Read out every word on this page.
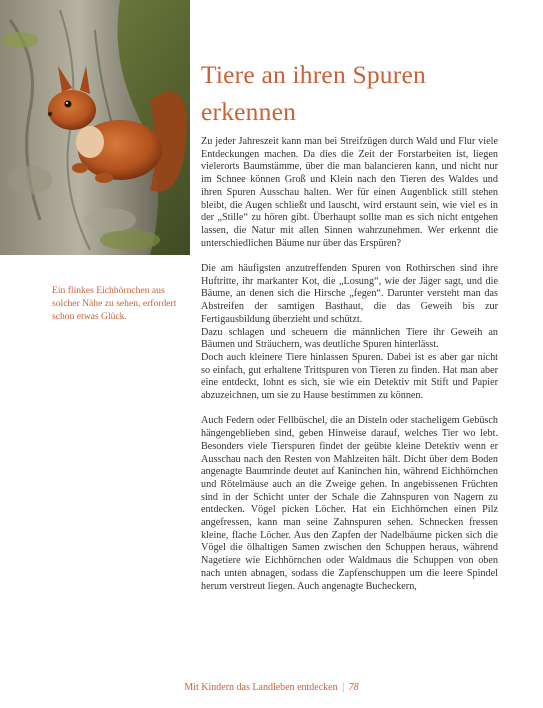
Ein flinkes Eichhörnchen aus solcher Nähe zu sehen, erfordert schon etwas Glück.
Tiere an ihren Spuren erkennen

Zu jeder Jahreszeit kann man bei Streifzügen durch Wald und Flur viele Entdeckungen machen. Da dies die Zeit der Forstarbeiten ist, liegen vielerorts Baumstämme, über die man balancieren kann, und nicht nur im Schnee können Groß und Klein nach den Tieren des Waldes und ihren Spuren Ausschau halten. Wer für einen Augenblick still stehen bleibt, die Augen schließt und lauscht, wird erstaunt sein, wie viel es in der „Stille“ zu hören gibt. Überhaupt sollte man es sich nicht entgehen lassen, die Natur mit allen Sinnen wahrzunehmen. Wer erkennt die unterschiedlichen Bäume nur über das Erspüren?

Die am häufigsten anzutreffenden Spuren von Rothirschen sind ihre Huftritte, ihr markanter Kot, die „Losung“, wie der Jäger sagt, und die Bäume, an denen sich die Hirsche „fegen“. Darunter versteht man das Abstreifen der samtigen Basthaut, die das Geweih bis zur Fertigausbildung überzieht und schützt.

Dazu schlagen und scheuern die männlichen Tiere ihr Geweih an Bäumen und Sträuchern, was deutliche Spuren hinterlässt.

Doch auch kleinere Tiere hinlassen Spuren. Dabei ist es aber gar nicht so einfach, gut erhaltene Trittspuren von Tieren zu finden. Hat man aber eine entdeckt, lohnt es sich, sie wie ein Detektiv mit Stift und Papier abzuzeichnen, um sie zu Hause bestimmen zu können.

Auch Federn oder Fellbüschel, die an Disteln oder stacheligem Gebüsch hängengeblieben sind, geben Hinweise darauf, welches Tier wo lebt. Besonders viele Tierspuren findet der geübte kleine Detektiv wenn er Ausschau nach den Resten von Mahlzeiten hält. Dicht über dem Boden angenagte Baumrinde deutet auf Kaninchen hin, während Eichhörnchen und Rötelmäuse auch an die Zweige gehen. In angebissenen Früchten sind in der Schicht unter der Schale die Zahnspuren von Nagern zu entdecken. Vögel picken Löcher. Hat ein Eichhörnchen einen Pilz angefressen, kann man seine Zahnspuren sehen. Schnecken fressen kleine, flache Löcher. Aus den Zapfen der Nadelbäume picken sich die Vögel die ölhaltigen Samen zwischen den Schuppen heraus, während Nagetiere wie Eichhörnchen oder Waldmaus die Schuppen von oben nach unten abnagen, sodass die Zapfenschuppen um die leere Spindel herum verstreut liegen. Auch angenagte Bucheckern,

Mit Kindern das Landleben entdecken | 78
